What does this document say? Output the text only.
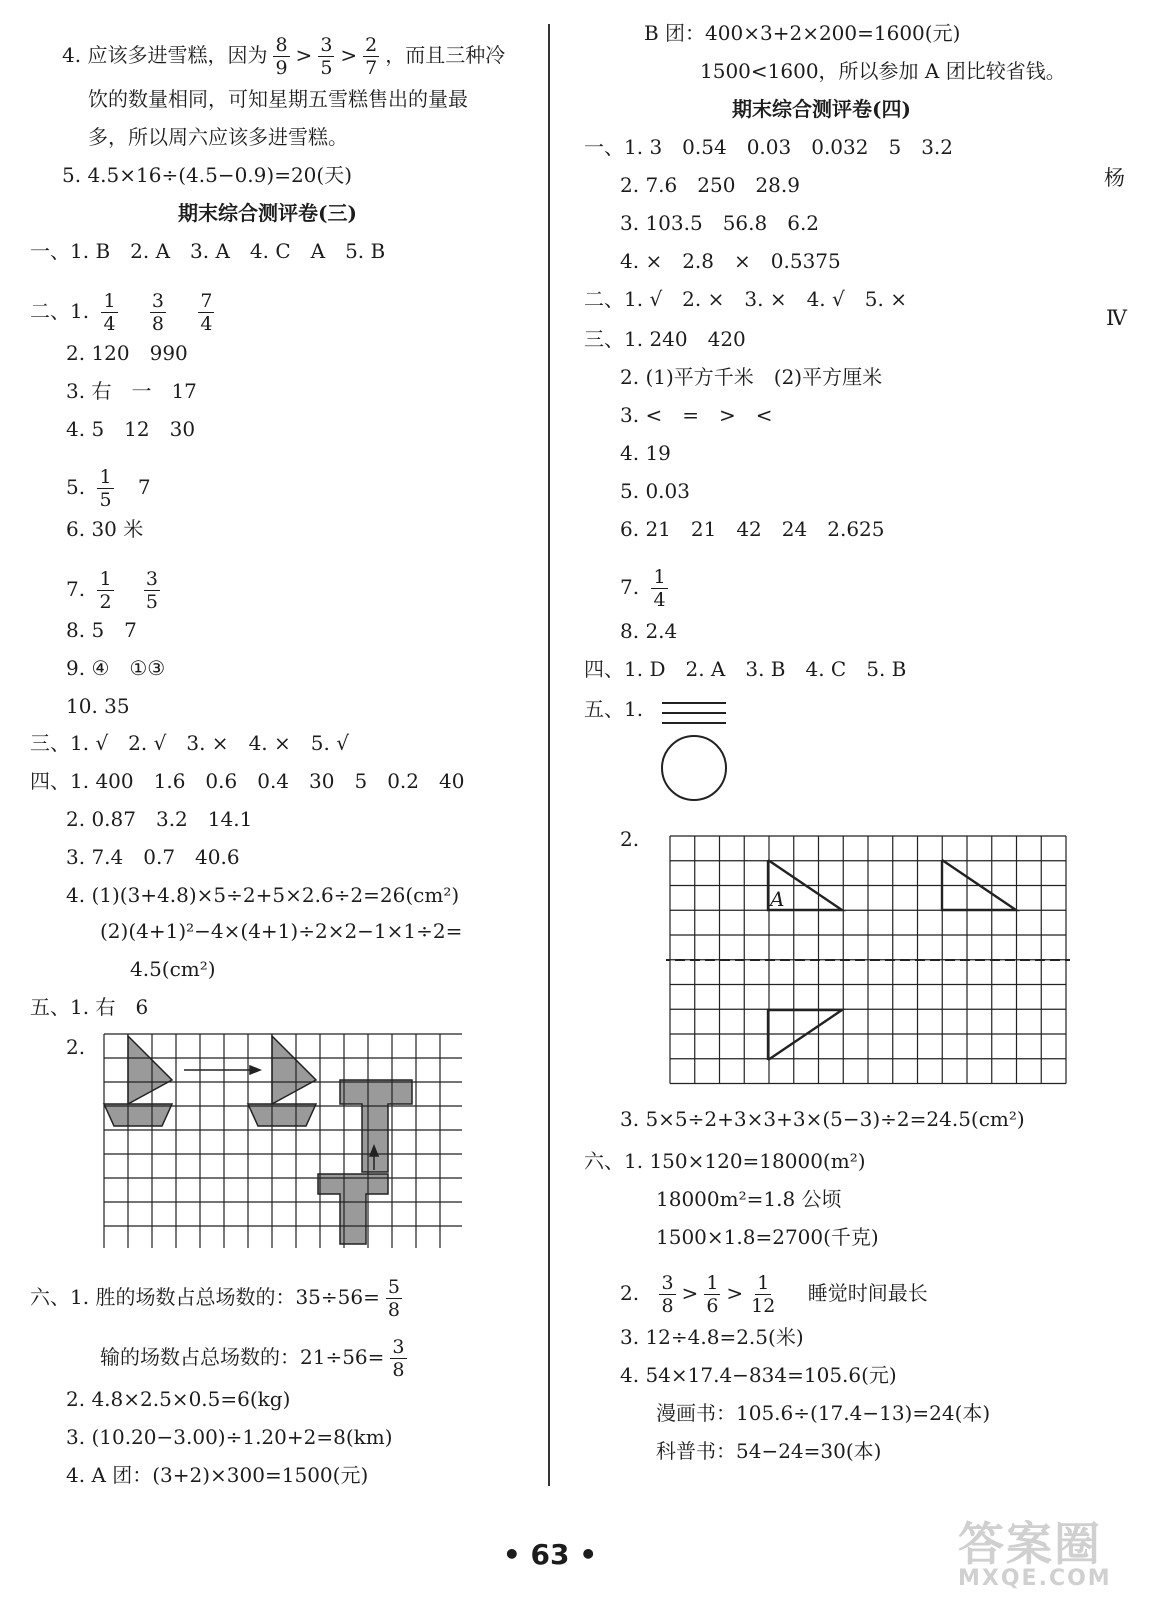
4. 应该多进雪糕，因为 $\frac{8}{9} > \frac{3}{5} > \frac{2}{7}$ ，而且三种冷
饮的数量相同，可知星期五雪糕售出的量最
多，所以周六应该多进雪糕。
5. 4.5×16÷(4.5−0.9)=20(天)
期末综合测评卷(三)
一、1. B　2. A　3. A　4. C　A　5. B
二、1. $\frac{1}{4}$
$\frac{3}{8}$
$\frac{7}{4}$
2. 120　990
3. 右　一　17
4. 5　12　30
5. $\frac{1}{5} 7$
6. 30 米
7. $\frac{1}{2}$
$\frac{3}{5}$
8. 5　7
9. ④　①③
10. 35
三、1. √　2. √　3. ×　4. ×　5. √
四、1. 400　1.6　0.6　0.4　30　5　0.2　40
2. 0.87　3.2　14.1
3. 7.4　0.7　40.6
4. (1)(3+4.8)×5÷2+5×2.6÷2=26(cm²)
(2)(4+1)²−4×(4+1)÷2×2−1×1÷2=
4.5(cm²)
五、1. 右　6
2.
六、1. 胜的场数占总场数的：$35\div 56= \frac{5}{8}$
输的场数占总场数的：$21\div 56= \frac{3}{8}$
2. 4.8×2.5×0.5=6(kg)
3. (10.20−3.00)÷1.20+2=8(km)
4. A 团：(3+2)×300=1500(元)
B 团：400×3+2×200=1600(元)
1500<1600，所以参加 A 团比较省钱。
期末综合测评卷(四)
一、1. 3　0.54　0.03　0.032　5　3.2
2. 7.6　250　28.9
3. 103.5　56.8　6.2
4. ×　2.8　×　0.5375
二、1. √　2. ×　3. ×　4. √　5. ×
三、1. 240　420
2. (1)平方千米　(2)平方厘米
3. <　=　>　<
4. 19
5. 0.03
6. 21　21　42　24　2.625
7. $\frac{1}{4}$
8. 2.4
四、1. D　2. A　3. B　4. C　5. B
五、1.
2.
A
3. 5×5÷2+3×3+3×(5−3)÷2=24.5(cm²)
六、1. 150×120=18000(m²)
18000m²=1.8 公顷
1500×1.8=2700(千克)
2. $\frac{3}{8} > \frac{1}{6} > \frac{1}{12}$ 睡觉时间最长
3. 12÷4.8=2.5(米)
4. 54×17.4−834=105.6(元)
漫画书：105.6÷(17.4−13)=24(本)
科普书：54−24=30(本)
杨
Ⅳ
• 63 •	答案圈
MXQE.COM
